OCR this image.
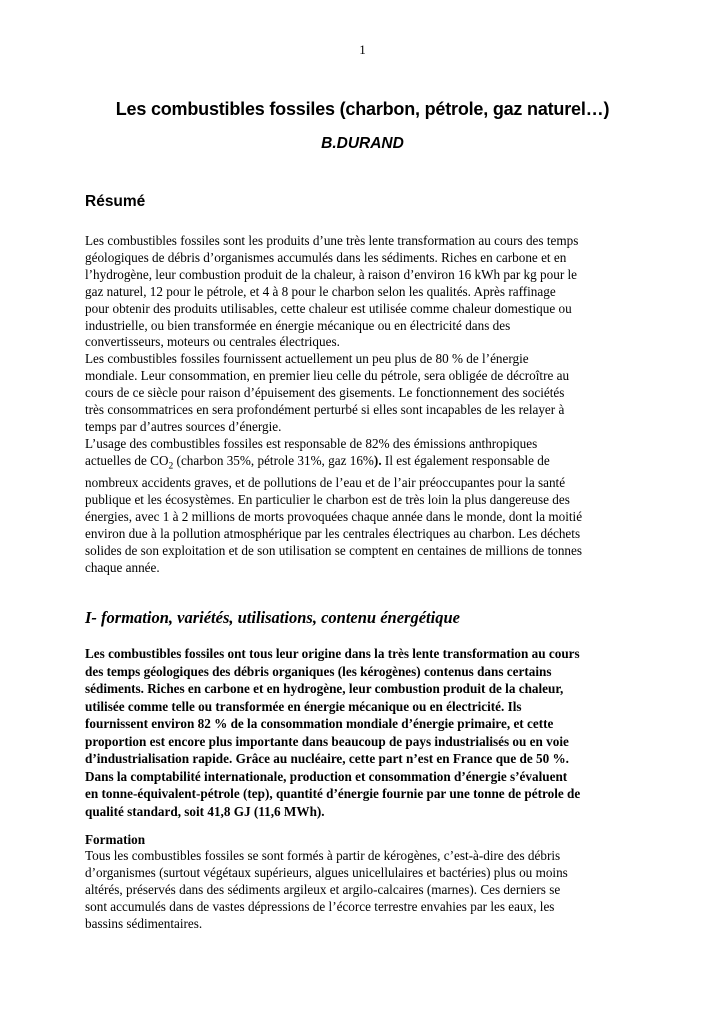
1
Les combustibles fossiles (charbon, pétrole, gaz naturel…)
B.DURAND
Résumé
Les combustibles fossiles sont les produits d’une très lente transformation au cours des temps
géologiques de débris d’organismes accumulés dans les sédiments. Riches en carbone et en
l’hydrogène, leur combustion produit de la chaleur, à raison d’environ 16 kWh par kg pour le
gaz naturel, 12 pour le pétrole, et 4 à 8 pour le charbon selon les qualités. Après raffinage
pour obtenir des produits utilisables, cette chaleur est utilisée comme chaleur domestique ou
industrielle, ou bien transformée en énergie mécanique ou en électricité dans des
convertisseurs, moteurs ou centrales électriques.
Les combustibles fossiles fournissent actuellement un peu plus de 80 % de l’énergie
mondiale. Leur consommation, en premier lieu celle du pétrole, sera obligée de décroître au
cours de ce siècle pour raison d’épuisement des gisements. Le fonctionnement des sociétés
très consommatrices en sera profondément perturbé si elles sont incapables de les relayer à
temps par d’autres sources d’énergie.
L’usage des combustibles fossiles est responsable de 82% des émissions anthropiques
actuelles de $CO_2$ (charbon 35%, pétrole 31%, gaz 16%). Il est également responsable de
nombreux accidents graves, et de pollutions de l’eau et de l’air préoccupantes pour la santé
publique et les écosystèmes. En particulier le charbon est de très loin la plus dangereuse des
énergies, avec 1 à 2 millions de morts provoquées chaque année dans le monde, dont la moitié
environ due à la pollution atmosphérique par les centrales électriques au charbon. Les déchets
solides de son exploitation et de son utilisation se comptent en centaines de millions de tonnes
chaque année.
I- formation, variétés, utilisations, contenu énergétique
Les combustibles fossiles ont tous leur origine dans la très lente transformation au cours
des temps géologiques des débris organiques (les kérogènes) contenus dans certains
sédiments. Riches en carbone et en hydrogène, leur combustion produit de la chaleur,
utilisée comme telle ou transformée en énergie mécanique ou en électricité. Ils
fournissent environ 82 % de la consommation mondiale d’énergie primaire, et cette
proportion est encore plus importante dans beaucoup de pays industrialisés ou en voie
d’industrialisation rapide. Grâce au nucléaire, cette part n’est en France que de 50 %.
Dans la comptabilité internationale, production et consommation d’énergie s’évaluent
en tonne-équivalent-pétrole (tep), quantité d’énergie fournie par une tonne de pétrole de
qualité standard, soit 41,8 GJ (11,6 MWh).
Formation
Tous les combustibles fossiles se sont formés à partir de kérogènes, c’est-à-dire des débris
d’organismes (surtout végétaux supérieurs, algues unicellulaires et bactéries) plus ou moins
altérés, préservés dans des sédiments argileux et argilo-calcaires (marnes). Ces derniers se
sont accumulés dans de vastes dépressions de l’écorce terrestre envahies par les eaux, les
bassins sédimentaires.
